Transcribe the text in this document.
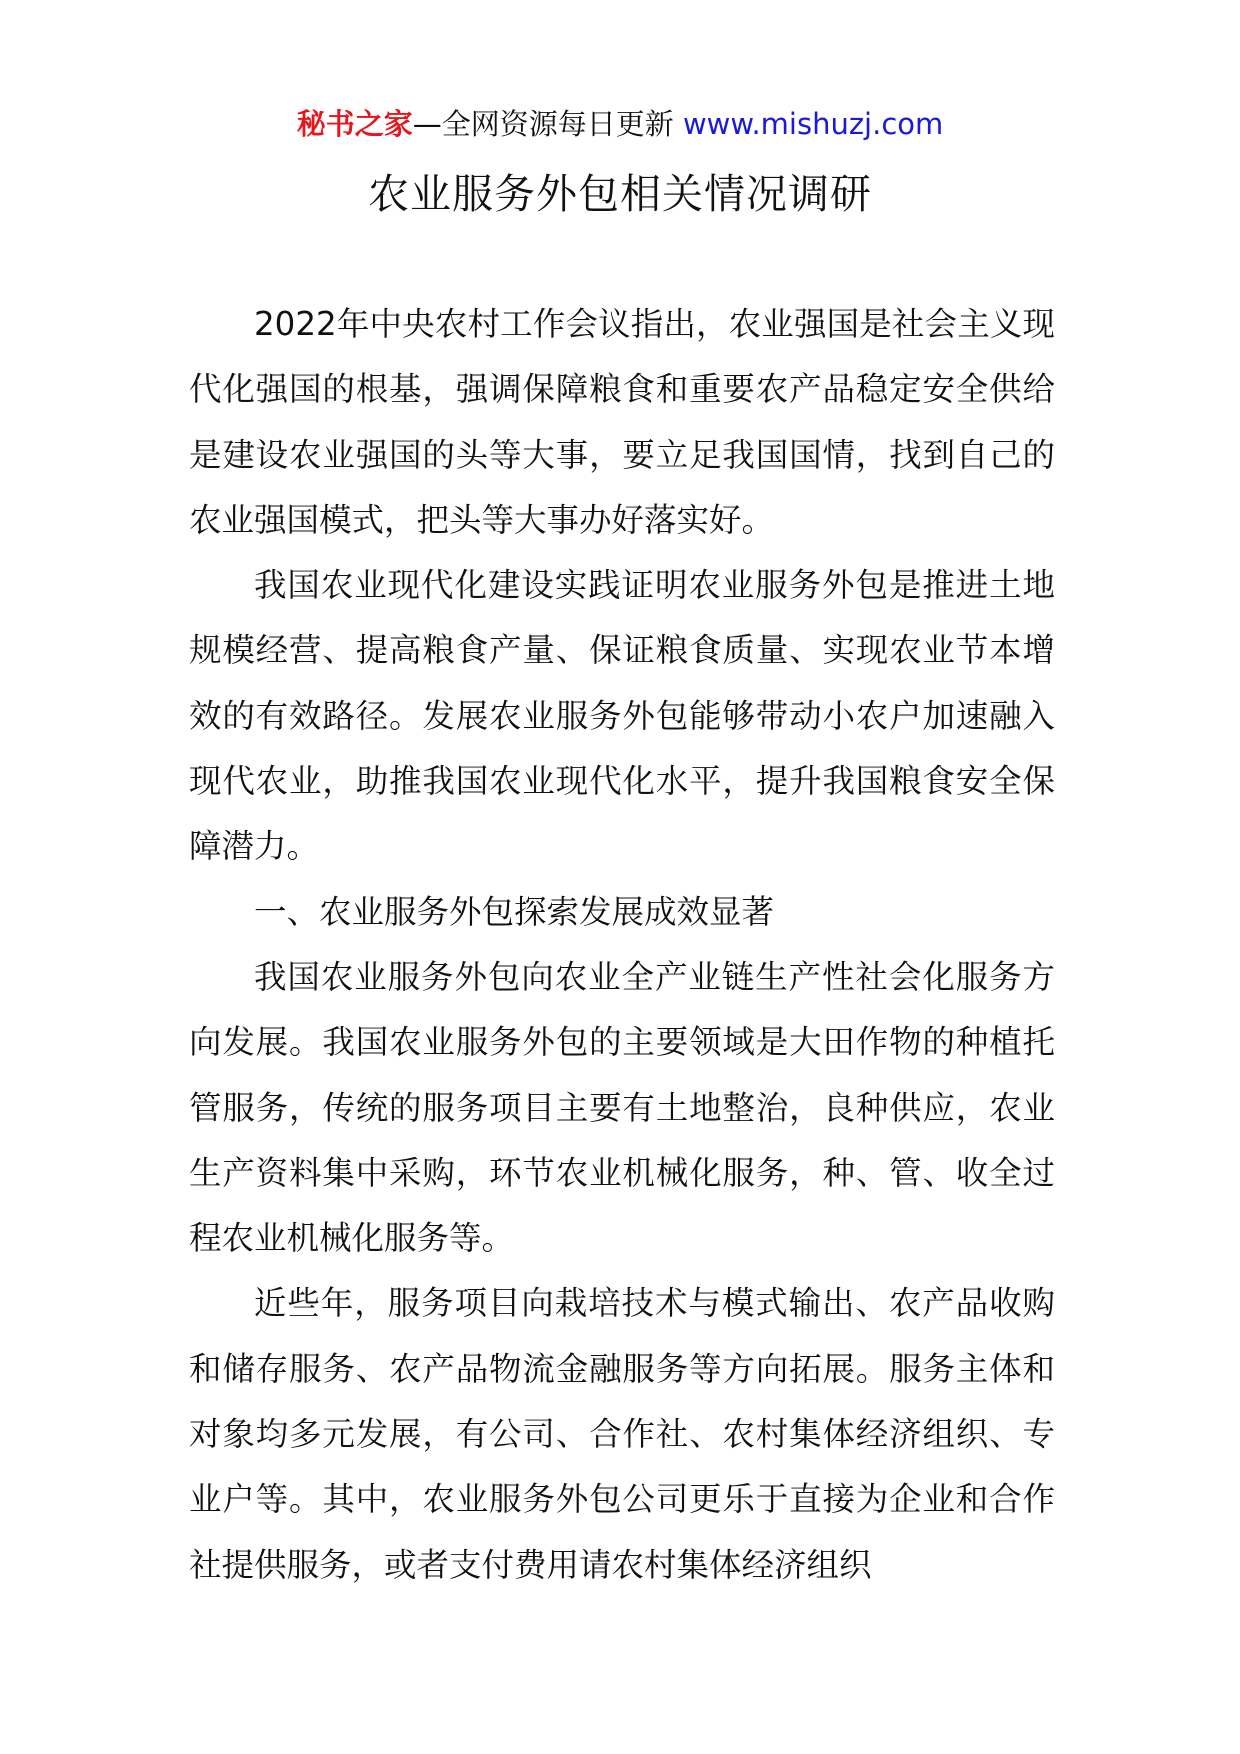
秘书之家—全网资源每日更新 www.mishuzj.com
农业服务外包相关情况调研

2022年中央农村工作会议指出，农业强国是社会主义现代化强国的根基，强调保障粮食和重要农产品稳定安全供给是建设农业强国的头等大事，要立足我国国情，找到自己的农业强国模式，把头等大事办好落实好。

我国农业现代化建设实践证明农业服务外包是推进土地规模经营、提高粮食产量、保证粮食质量、实现农业节本增效的有效路径。发展农业服务外包能够带动小农户加速融入现代农业，助推我国农业现代化水平，提升我国粮食安全保障潜力。

一、农业服务外包探索发展成效显著

我国农业服务外包向农业全产业链生产性社会化服务方向发展。我国农业服务外包的主要领域是大田作物的种植托管服务，传统的服务项目主要有土地整治，良种供应，农业生产资料集中采购，环节农业机械化服务，种、管、收全过程农业机械化服务等。

近些年，服务项目向栽培技术与模式输出、农产品收购和储存服务、农产品物流金融服务等方向拓展。服务主体和对象均多元发展，有公司、合作社、农村集体经济组织、专业户等。其中，农业服务外包公司更乐于直接为企业和合作社提供服务，或者支付费用请农村集体经济组织
